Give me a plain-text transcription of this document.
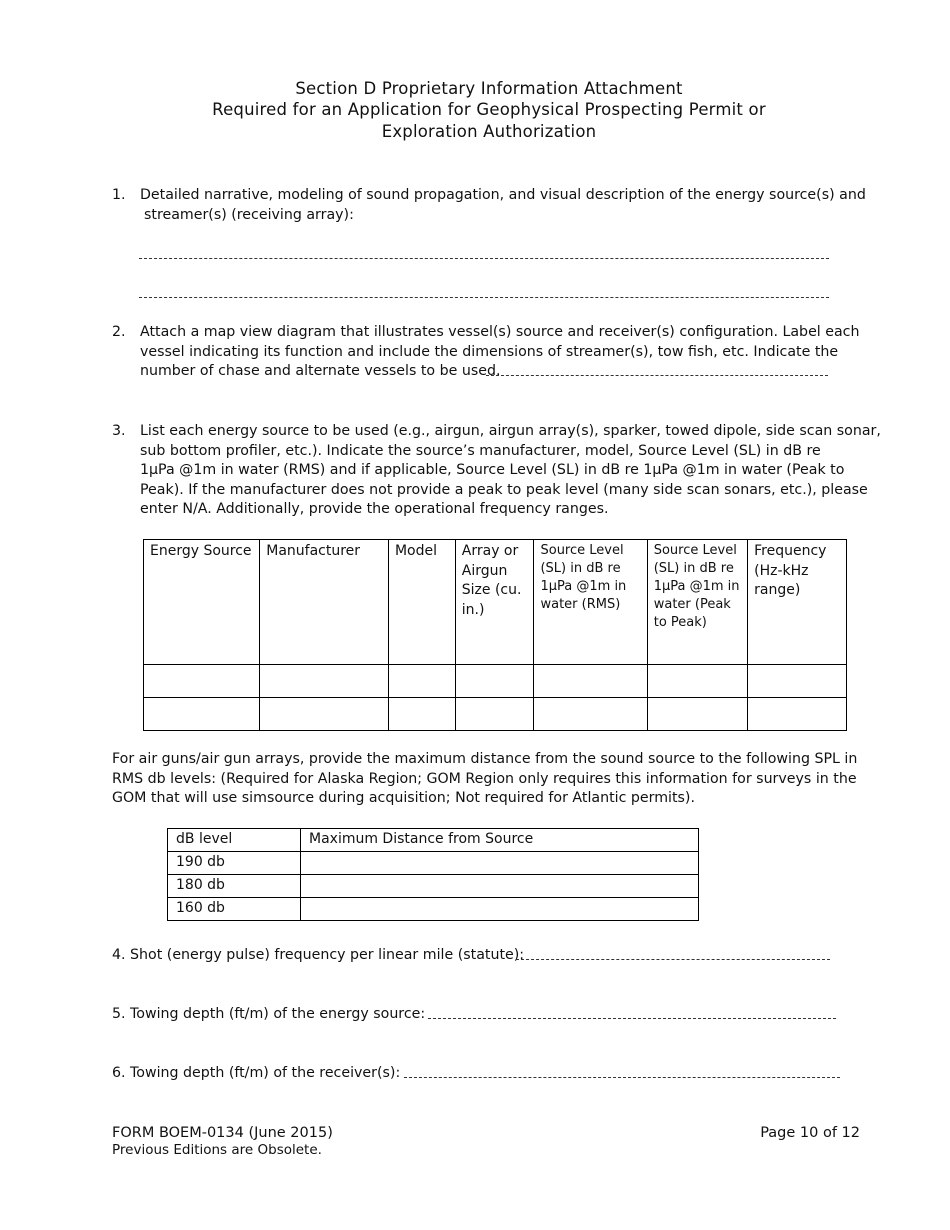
Section D Proprietary Information Attachment
Required for an Application for Geophysical Prospecting Permit or
Exploration Authorization
1. Detailed narrative, modeling of sound propagation, and visual description of the energy source(s) and
streamer(s) (receiving array):
2. Attach a map view diagram that illustrates vessel(s) source and receiver(s) configuration. Label each
vessel indicating its function and include the dimensions of streamer(s), tow fish, etc. Indicate the
number of chase and alternate vessels to be used.
3. List each energy source to be used (e.g., airgun, airgun array(s), sparker, towed dipole, side scan sonar,
sub bottom profiler, etc.). Indicate the source’s manufacturer, model, Source Level (SL) in dB re
1μPa @1m in water (RMS) and if applicable, Source Level (SL) in dB re 1μPa @1m in water (Peak to
Peak). If the manufacturer does not provide a peak to peak level (many side scan sonars, etc.), please
enter N/A. Additionally, provide the operational frequency ranges.
Energy Source	Manufacturer	Model	Array or Airgun Size (cu. in.)	Source Level (SL) in dB re 1μPa @1m in water (RMS)	Source Level (SL) in dB re 1μPa @1m in water (Peak to Peak)	Frequency (Hz-kHz range)

For air guns/air gun arrays, provide the maximum distance from the sound source to the following SPL in
RMS db levels: (Required for Alaska Region; GOM Region only requires this information for surveys in the
GOM that will use simsource during acquisition; Not required for Atlantic permits).
dB level	Maximum Distance from Source
190 db	
180 db	
160 db	
4. Shot (energy pulse) frequency per linear mile (statute):
5. Towing depth (ft/m) of the energy source:
6. Towing depth (ft/m) of the receiver(s):
FORM BOEM-0134 (June 2015)
Previous Editions are Obsolete.
Page 10 of 12
